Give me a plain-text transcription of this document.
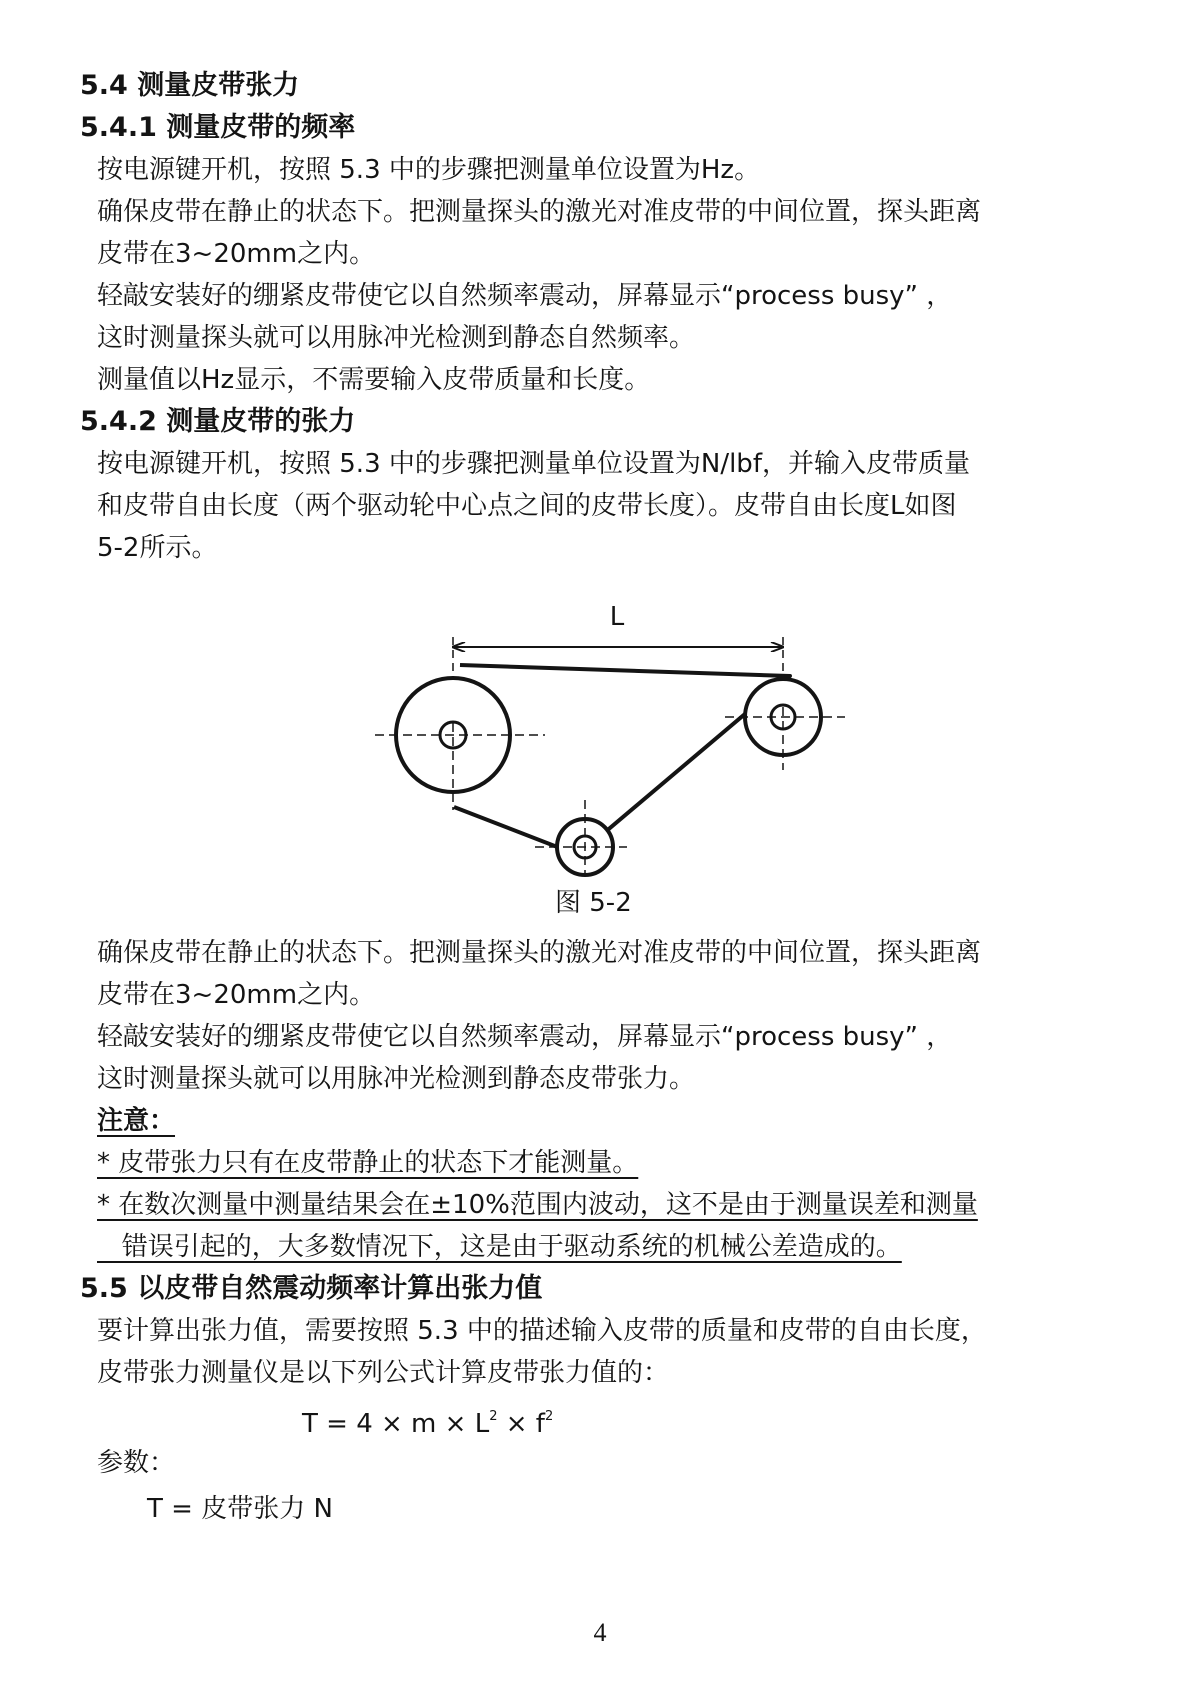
5.4 测量皮带张力
5.4.1 测量皮带的频率

按电源键开机，按照 5.3 中的步骤把测量单位设置为Hz。

确保皮带在静止的状态下。把测量探头的激光对准皮带的中间位置，探头距离

皮带在3~20mm之内。

轻敲安装好的绷紧皮带使它以自然频率震动，屏幕显示“process busy” ，

这时测量探头就可以用脉冲光检测到静态自然频率。

测量值以Hz显示，不需要输入皮带质量和长度。

5.4.2 测量皮带的张力

按电源键开机，按照 5.3 中的步骤把测量单位设置为N/lbf，并输入皮带质量

和皮带自由长度（两个驱动轮中心点之间的皮带长度）。皮带自由长度L如图

5-2所示。

L

图 5-2

确保皮带在静止的状态下。把测量探头的激光对准皮带的中间位置，探头距离

皮带在3~20mm之内。

轻敲安装好的绷紧皮带使它以自然频率震动，屏幕显示“process busy” ，

这时测量探头就可以用脉冲光检测到静态皮带张力。

注意：

* 皮带张力只有在皮带静止的状态下才能测量。

* 在数次测量中测量结果会在±10%范围内波动，这不是由于测量误差和测量

错误引起的，大多数情况下，这是由于驱动系统的机械公差造成的。

5.5 以皮带自然震动频率计算出张力值

要计算出张力值，需要按照 5.3 中的描述输入皮带的质量和皮带的自由长度，

皮带张力测量仪是以下列公式计算皮带张力值的：

$T = 4 \times m \times L^2 \times f^2$

参数：

T = 皮带张力 N

4
